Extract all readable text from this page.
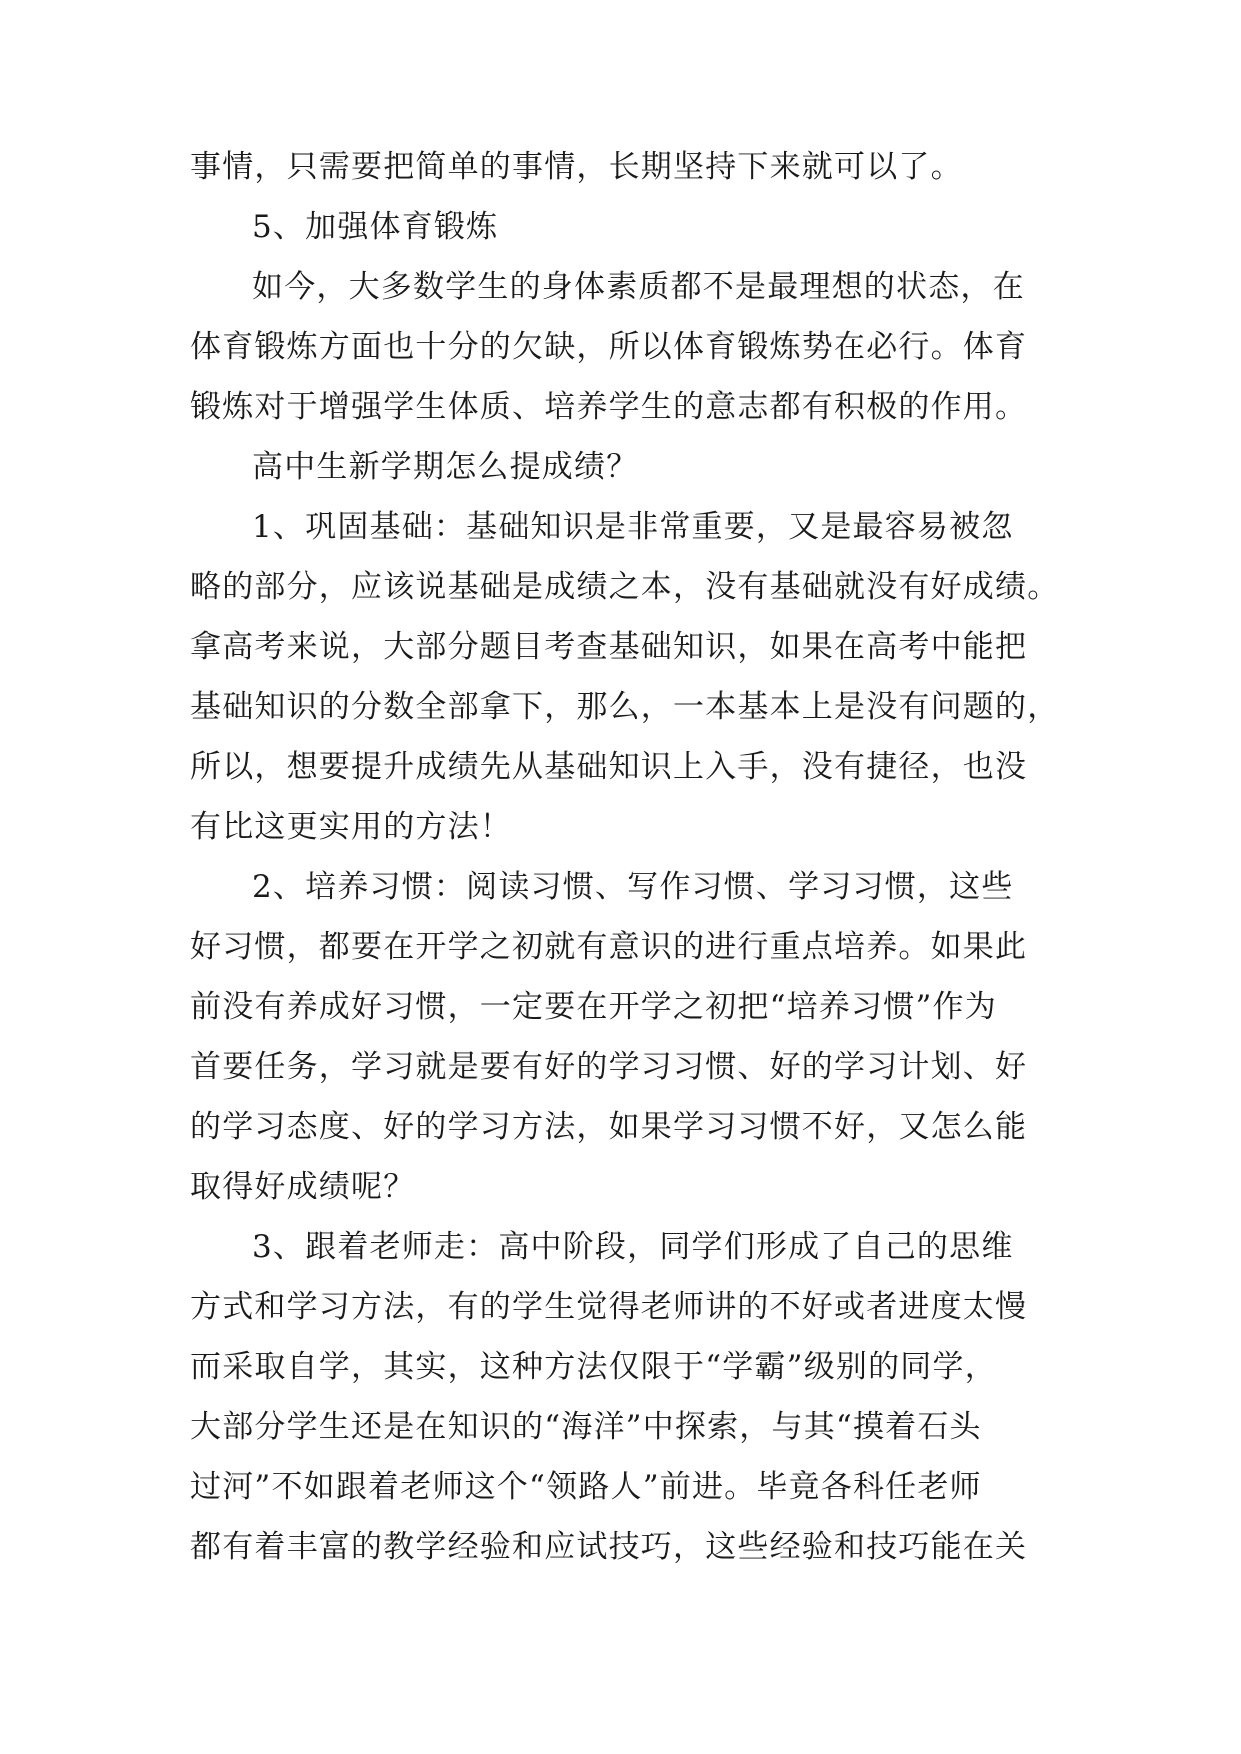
事情，只需要把简单的事情，长期坚持下来就可以了。
5、加强体育锻炼
如今，大多数学生的身体素质都不是最理想的状态，在
体育锻炼方面也十分的欠缺，所以体育锻炼势在必行。体育
锻炼对于增强学生体质、培养学生的意志都有积极的作用。
高中生新学期怎么提成绩？
1、巩固基础：基础知识是非常重要，又是最容易被忽
略的部分，应该说基础是成绩之本，没有基础就没有好成绩。
拿高考来说，大部分题目考查基础知识，如果在高考中能把
基础知识的分数全部拿下，那么，一本基本上是没有问题的，
所以，想要提升成绩先从基础知识上入手，没有捷径，也没
有比这更实用的方法！
2、培养习惯：阅读习惯、写作习惯、学习习惯，这些
好习惯，都要在开学之初就有意识的进行重点培养。如果此
前没有养成好习惯，一定要在开学之初把“培养习惯”作为
首要任务，学习就是要有好的学习习惯、好的学习计划、好
的学习态度、好的学习方法，如果学习习惯不好，又怎么能
取得好成绩呢？
3、跟着老师走：高中阶段，同学们形成了自己的思维
方式和学习方法，有的学生觉得老师讲的不好或者进度太慢
而采取自学，其实，这种方法仅限于“学霸”级别的同学，
大部分学生还是在知识的“海洋”中探索，与其“摸着石头
过河”不如跟着老师这个“领路人”前进。毕竟各科任老师
都有着丰富的教学经验和应试技巧，这些经验和技巧能在关
